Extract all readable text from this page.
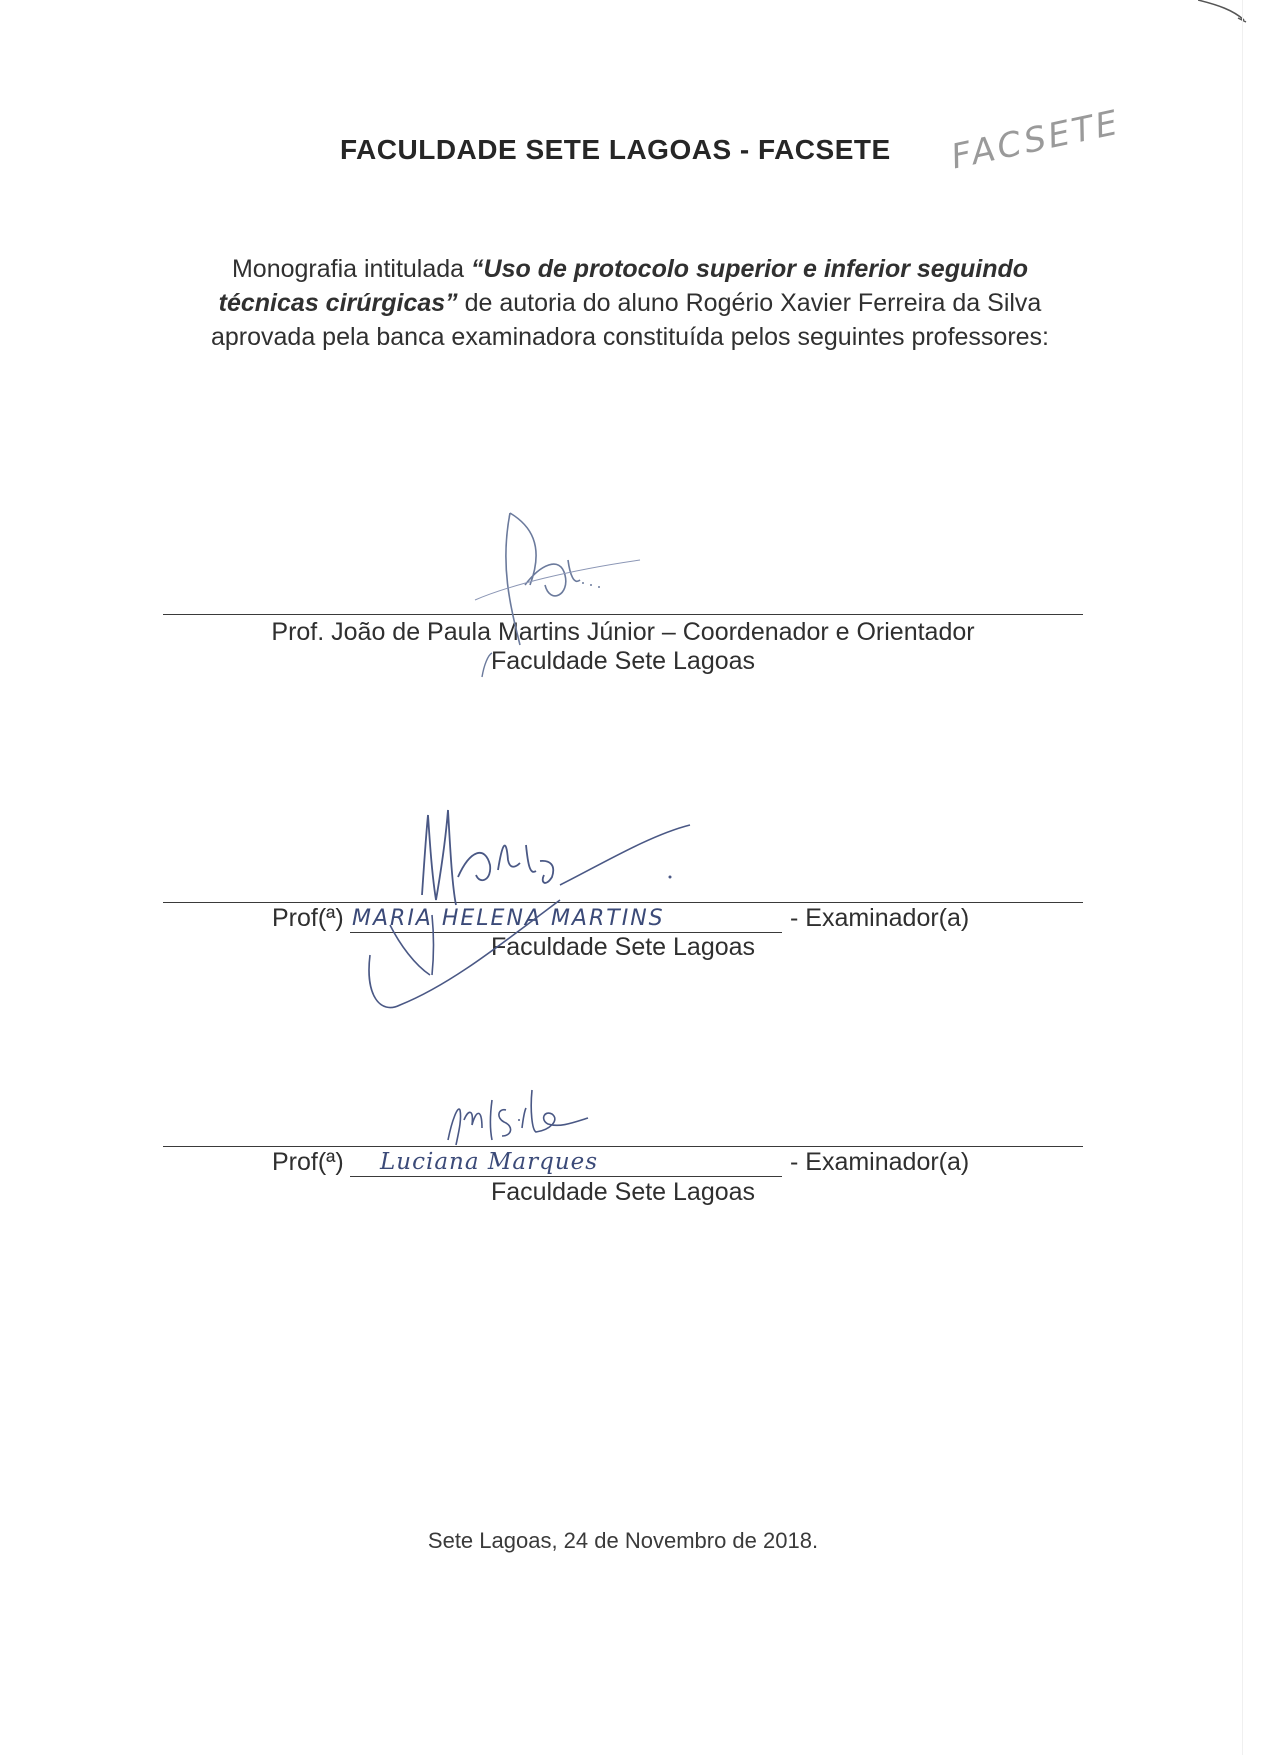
FACULDADE SETE LAGOAS - FACSETE	FACSETE
Monografia intitulada “Uso de protocolo superior e inferior seguindo
técnicas cirúrgicas” de autoria do aluno Rogério Xavier Ferreira da Silva
aprovada pela banca examinadora constituída pelos seguintes professores:
Prof. João de Paula Martins Júnior – Coordenador e Orientador
Faculdade Sete Lagoas
Prof(ª) MARIA HELENA MARTINS	- Examinador(a)
Faculdade Sete Lagoas
Prof(ª)	Luciana Marques	- Examinador(a)
Faculdade Sete Lagoas
Sete Lagoas, 24 de Novembro de 2018.
